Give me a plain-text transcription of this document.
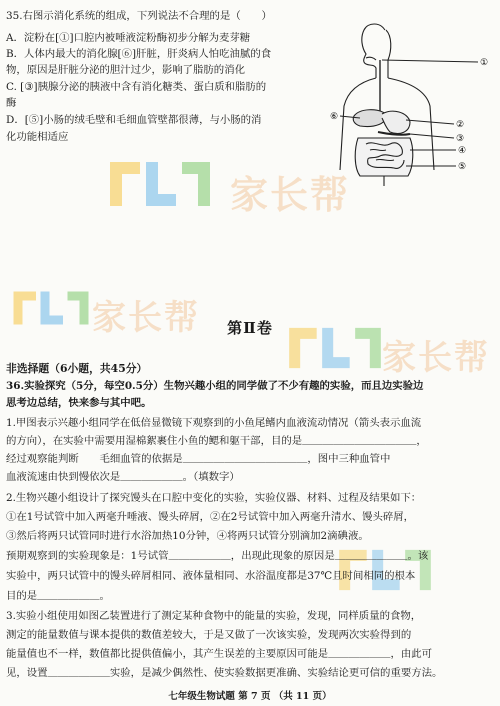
家长帮
家长帮
家长帮
35.右图示消化系统的组成，下列说法不合理的是（　　）
A．淀粉在[①]口腔内被唾液淀粉酶初步分解为麦芽糖
B．人体内最大的消化腺[⑥]肝脏，肝炎病人怕吃油腻的食
物，原因是肝脏分泌的胆汁过少，影响了脂肪的消化
C. [③]胰腺分泌的胰液中含有消化糖类、蛋白质和脂肪的
酶
D．[⑤]小肠的绒毛壁和毛细血管壁都很薄，与小肠的消
化功能相适应
①
②
③
④
⑤
⑥
第Ⅱ卷
非选择题（6小题，共45分）
36.实验探究（5分，每空0.5分）生物兴趣小组的同学做了不少有趣的实验，而且边实验边
思考边总结，快来参与其中吧。
1.甲图表示兴趣小组同学在低倍显微镜下观察到的小鱼尾鳍内血液流动情况（箭头表示血流
的方向），在实验中需要用湿棉絮裹住小鱼的鳃和躯干部，目的是＿＿＿＿＿＿＿＿＿＿＿，
经过观察能判断　　毛细血管的依据是＿＿＿＿＿＿＿＿＿＿＿＿，图中三种血管中
血液流速由快到慢依次是＿＿＿＿＿＿。（填数字）
2.生物兴趣小组设计了探究馒头在口腔中变化的实验，实验仪器、材料、过程及结果如下：
①在1号试管中加入两毫升唾液、馒头碎屑，②在2号试管中加入两毫升清水、馒头碎屑，
③然后将两只试管同时进行水浴加热10分钟，④将两只试管分别滴加2滴碘液。
预期观察到的实验现象是：1号试管＿＿＿＿＿＿，出现此现象的原因是＿＿＿＿＿＿＿。该
实验中，两只试管中的馒头碎屑相同、液体量相同、水浴温度都是37℃且时间相同的根本
目的是＿＿＿＿＿＿。
3.实验小组使用如图乙装置进行了测定某种食物中的能量的实验，发现，同样质量的食物，
测定的能量数值与课本提供的数值差较大，于是又做了一次该实验，发现两次实验得到的
能量值也不一样，数值都比提供值偏小，其产生误差的主要原因可能是＿＿＿＿＿＿，由此可
见，设置＿＿＿＿＿＿实验，是减少偶然性、使实验数据更准确、实验结论更可信的重要方法。
七年级生物试题 第 7 页 （共 11 页）
